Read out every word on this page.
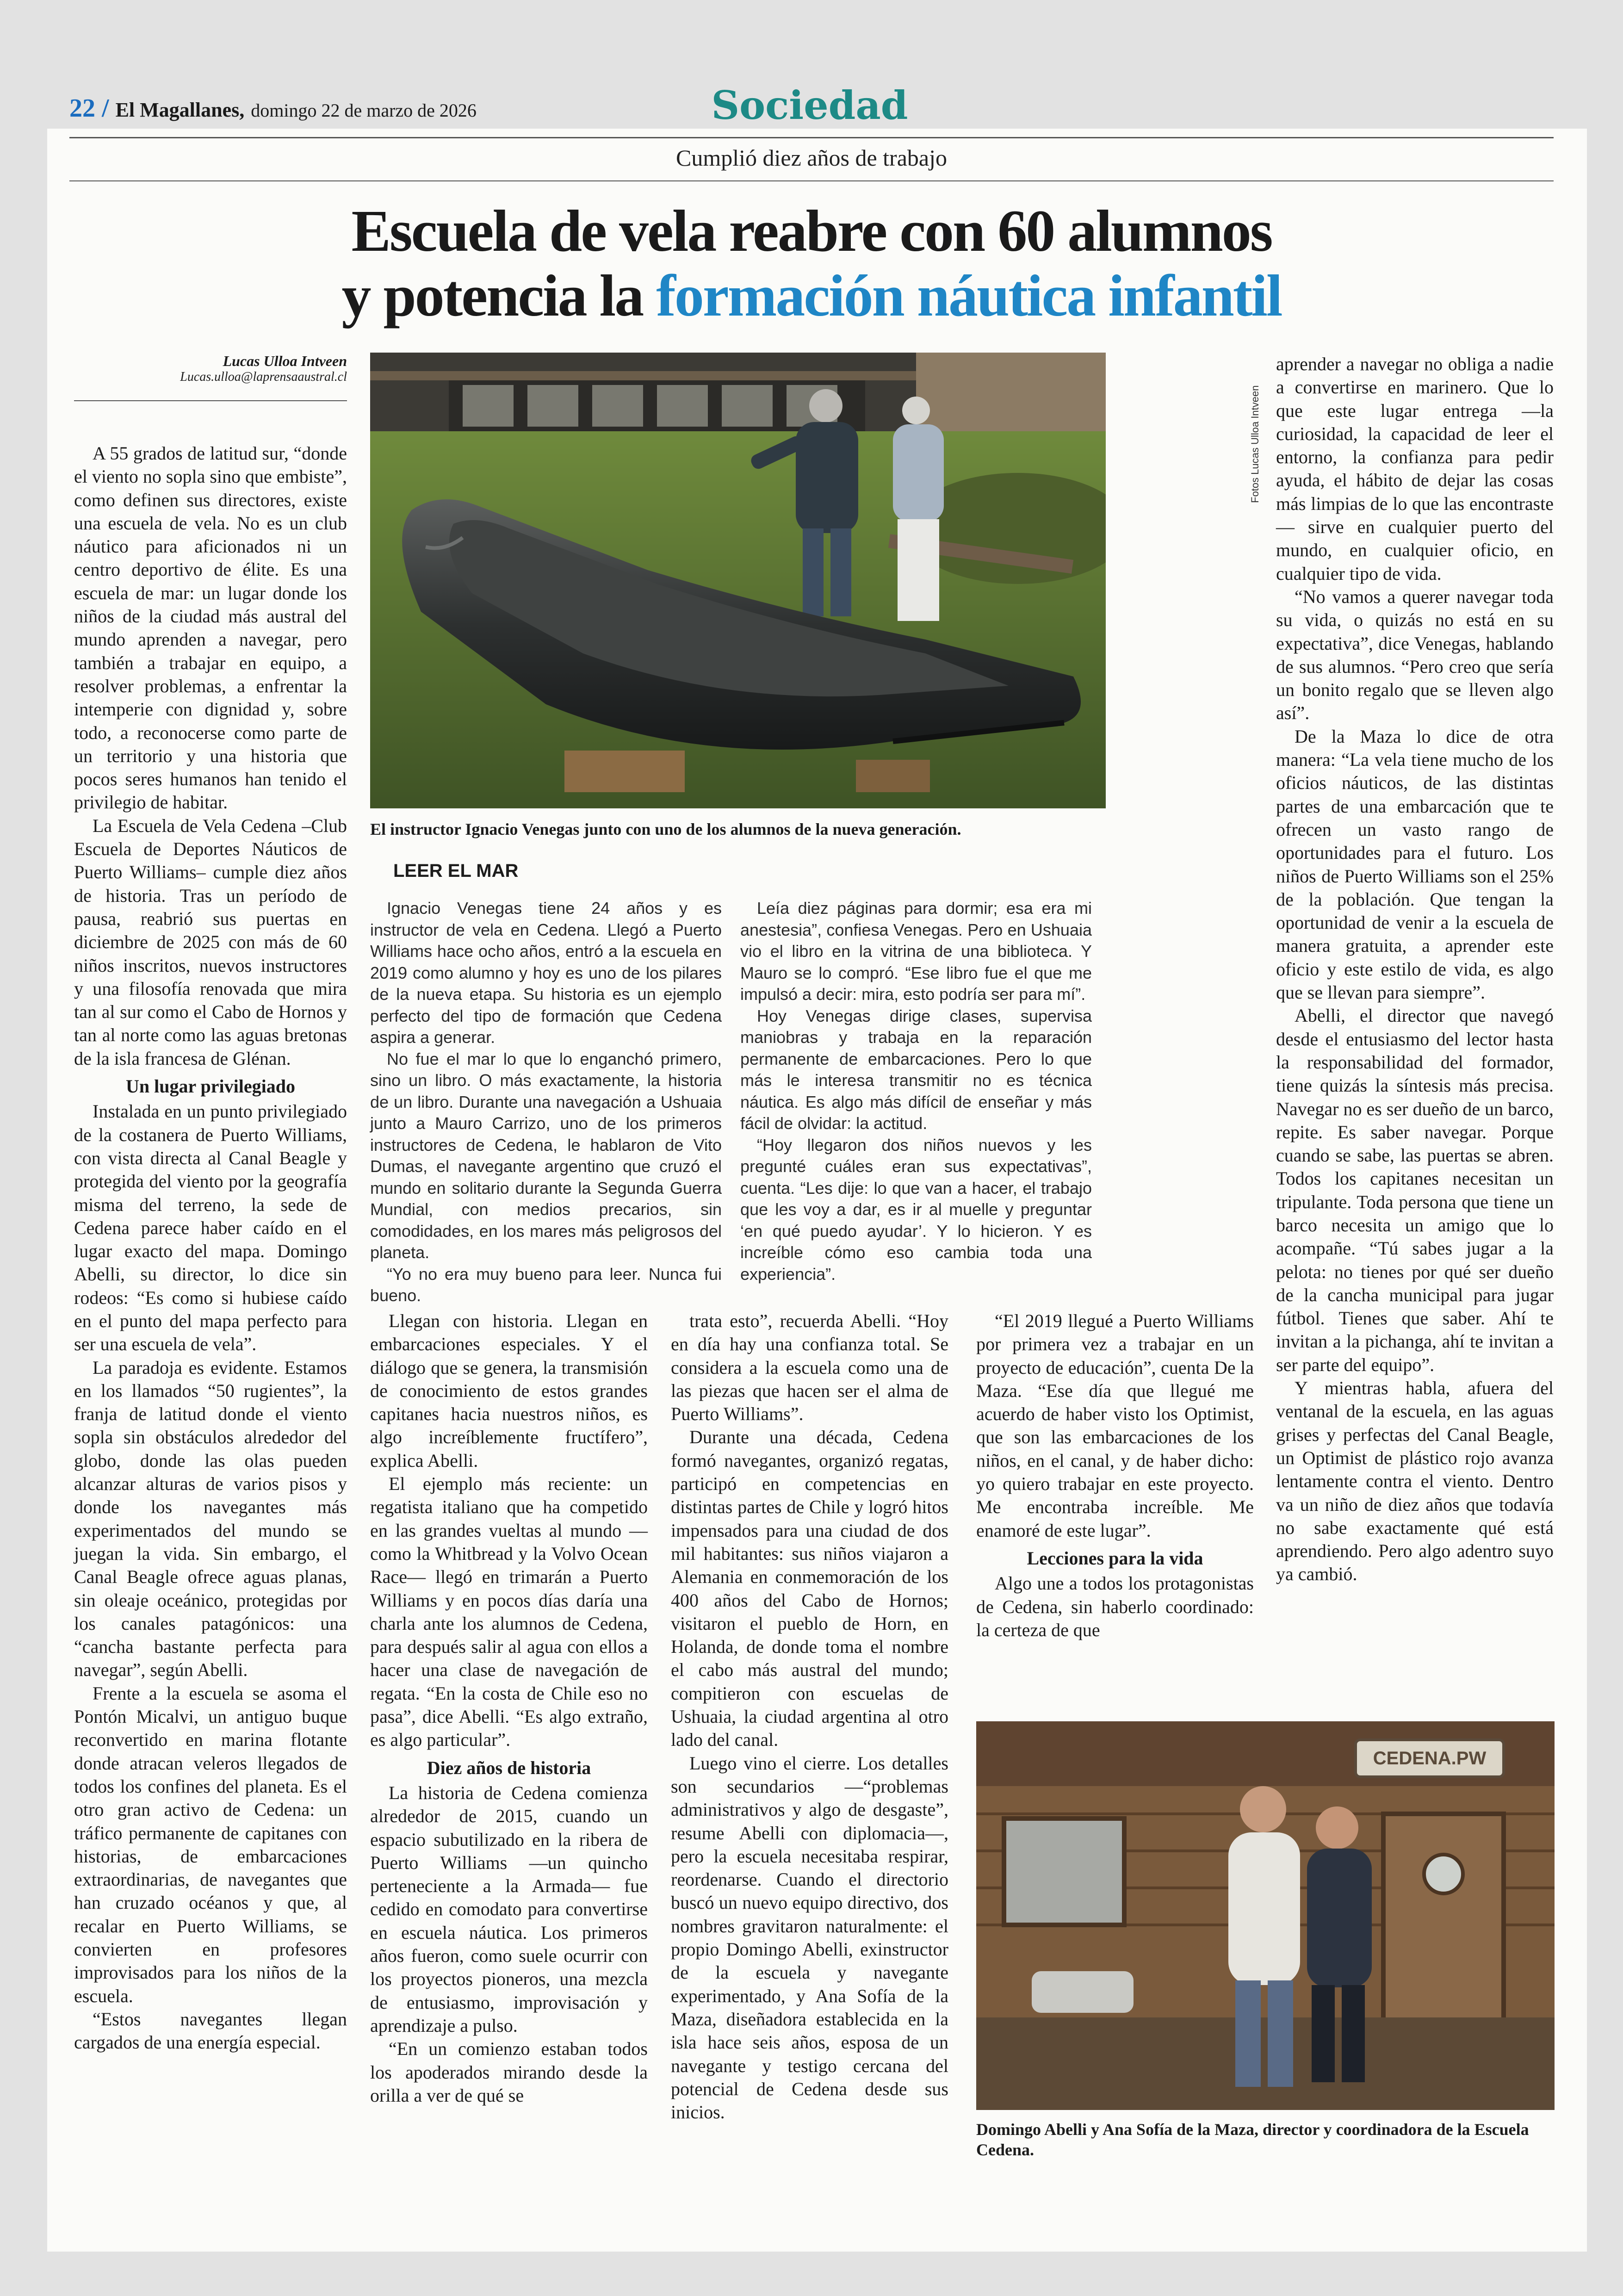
22 / El Magallanes, domingo 22 de marzo de 2026	Sociedad
Cumplió diez años de trabajo
Escuela de vela reabre con 60 alumnos
y potencia la formación náutica infantil
Lucas Ulloa Intveen
Lucas.ulloa@laprensaaustral.cl

A 55 grados de latitud sur, “donde el viento no sopla sino que embiste”, como definen sus directores, existe una escuela de vela. No es un club náutico para aficionados ni un centro deportivo de élite. Es una escuela de mar: un lugar donde los niños de la ciudad más austral del mundo aprenden a navegar, pero también a trabajar en equipo, a resolver problemas, a enfrentar la intemperie con dignidad y, sobre todo, a reconocerse como parte de un territorio y una historia que pocos seres humanos han tenido el privilegio de habitar.

La Escuela de Vela Cedena –Club Escuela de Deportes Náuticos de Puerto Williams– cumple diez años de historia. Tras un período de pausa, reabrió sus puertas en diciembre de 2025 con más de 60 niños inscritos, nuevos instructores y una filosofía renovada que mira tan al sur como el Cabo de Hornos y tan al norte como las aguas bretonas de la isla francesa de Glénan.

Un lugar privilegiado

Instalada en un punto privilegiado de la costanera de Puerto Williams, con vista directa al Canal Beagle y protegida del viento por la geografía misma del terreno, la sede de Cedena parece haber caído en el lugar exacto del mapa. Domingo Abelli, su director, lo dice sin rodeos: “Es como si hubiese caído en el punto del mapa perfecto para ser una escuela de vela”.

La paradoja es evidente. Estamos en los llamados “50 rugientes”, la franja de latitud donde el viento sopla sin obstáculos alrededor del globo, donde las olas pueden alcanzar alturas de varios pisos y donde los navegantes más experimentados del mundo se juegan la vida. Sin embargo, el Canal Beagle ofrece aguas planas, sin oleaje oceánico, protegidas por los canales patagónicos: una “cancha bastante perfecta para navegar”, según Abelli.

Frente a la escuela se asoma el Pontón Micalvi, un antiguo buque reconvertido en marina flotante donde atracan veleros llegados de todos los confines del planeta. Es el otro gran activo de Cedena: un tráfico permanente de capitanes con historias, de embarcaciones extraordinarias, de navegantes que han cruzado océanos y que, al recalar en Puerto Williams, se convierten en profesores improvisados para los niños de la escuela.

“Estos navegantes llegan cargados de una energía especial.

Fotos Lucas Ulloa Intveen
El instructor Ignacio Venegas junto con uno de los alumnos de la nueva generación.
LEER EL MAR

Ignacio Venegas tiene 24 años y es instructor de vela en Cedena. Llegó a Puerto Williams hace ocho años, entró a la escuela en 2019 como alumno y hoy es uno de los pilares de la nueva etapa. Su historia es un ejemplo perfecto del tipo de formación que Cedena aspira a generar.

No fue el mar lo que lo enganchó primero, sino un libro. O más exactamente, la historia de un libro. Durante una navegación a Ushuaia junto a Mauro Carrizo, uno de los primeros instructores de Cedena, le hablaron de Vito Dumas, el navegante argentino que cruzó el mundo en solitario durante la Segunda Guerra Mundial, con medios precarios, sin comodidades, en los mares más peligrosos del planeta.

“Yo no era muy bueno para leer. Nunca fui bueno.

Leía diez páginas para dormir; esa era mi anestesia”, confiesa Venegas. Pero en Ushuaia vio el libro en la vitrina de una biblioteca. Y Mauro se lo compró. “Ese libro fue el que me impulsó a decir: mira, esto podría ser para mí”.

Hoy Venegas dirige clases, supervisa maniobras y trabaja en la reparación permanente de embarcaciones. Pero lo que más le interesa transmitir no es técnica náutica. Es algo más difícil de enseñar y más fácil de olvidar: la actitud.

“Hoy llegaron dos niños nuevos y les pregunté cuáles eran sus expectativas”, cuenta. “Les dije: lo que van a hacer, el trabajo que les voy a dar, es ir al muelle y preguntar ‘en qué puedo ayudar’. Y lo hicieron. Y es increíble cómo eso cambia toda una experiencia”.

Llegan con historia. Llegan en embarcaciones especiales. Y el diálogo que se genera, la transmisión de conocimiento de estos grandes capitanes hacia nuestros niños, es algo increíblemente fructífero”, explica Abelli.

El ejemplo más reciente: un regatista italiano que ha competido en las grandes vueltas al mundo —como la Whitbread y la Volvo Ocean Race— llegó en trimarán a Puerto Williams y en pocos días daría una charla ante los alumnos de Cedena, para después salir al agua con ellos a hacer una clase de navegación de regata. “En la costa de Chile eso no pasa”, dice Abelli. “Es algo extraño, es algo particular”.

Diez años de historia

La historia de Cedena comienza alrededor de 2015, cuando un espacio subutilizado en la ribera de Puerto Williams —un quincho perteneciente a la Armada— fue cedido en comodato para convertirse en escuela náutica. Los primeros años fueron, como suele ocurrir con los proyectos pioneros, una mezcla de entusiasmo, improvisación y aprendizaje a pulso.

“En un comienzo estaban todos los apoderados mirando desde la orilla a ver de qué se

trata esto”, recuerda Abelli. “Hoy en día hay una confianza total. Se considera a la escuela como una de las piezas que hacen ser el alma de Puerto Williams”.

Durante una década, Cedena formó navegantes, organizó regatas, participó en competencias en distintas partes de Chile y logró hitos impensados para una ciudad de dos mil habitantes: sus niños viajaron a Alemania en conmemoración de los 400 años del Cabo de Hornos; visitaron el pueblo de Horn, en Holanda, de donde toma el nombre el cabo más austral del mundo; compitieron con escuelas de Ushuaia, la ciudad argentina al otro lado del canal.

Luego vino el cierre. Los detalles son secundarios —“problemas administrativos y algo de desgaste”, resume Abelli con diplomacia—, pero la escuela necesitaba respirar, reordenarse. Cuando el directorio buscó un nuevo equipo directivo, dos nombres gravitaron naturalmente: el propio Domingo Abelli, exinstructor de la escuela y navegante experimentado, y Ana Sofía de la Maza, diseñadora establecida en la isla hace seis años, esposa de un navegante y testigo cercana del potencial de Cedena desde sus inicios.

“El 2019 llegué a Puerto Williams por primera vez a trabajar en un proyecto de educación”, cuenta De la Maza. “Ese día que llegué me acuerdo de haber visto los Optimist, que son las embarcaciones de los niños, en el canal, y de haber dicho: yo quiero trabajar en este proyecto. Me encontraba increíble. Me enamoré de este lugar”.

Lecciones para la vida

Algo une a todos los protagonistas de Cedena, sin haberlo coordinado: la certeza de que

aprender a navegar no obliga a nadie a convertirse en marinero. Que lo que este lugar entrega —la curiosidad, la capacidad de leer el entorno, la confianza para pedir ayuda, el hábito de dejar las cosas más limpias de lo que las encontraste— sirve en cualquier puerto del mundo, en cualquier oficio, en cualquier tipo de vida.

“No vamos a querer navegar toda su vida, o quizás no está en su expectativa”, dice Venegas, hablando de sus alumnos. “Pero creo que sería un bonito regalo que se lleven algo así”.

De la Maza lo dice de otra manera: “La vela tiene mucho de los oficios náuticos, de las distintas partes de una embarcación que te ofrecen un vasto rango de oportunidades para el futuro. Los niños de Puerto Williams son el 25% de la población. Que tengan la oportunidad de venir a la escuela de manera gratuita, a aprender este oficio y este estilo de vida, es algo que se llevan para siempre”.

Abelli, el director que navegó desde el entusiasmo del lector hasta la responsabilidad del formador, tiene quizás la síntesis más precisa. Navegar no es ser dueño de un barco, repite. Es saber navegar. Porque cuando se sabe, las puertas se abren. Todos los capitanes necesitan un tripulante. Toda persona que tiene un barco necesita un amigo que lo acompañe. “Tú sabes jugar a la pelota: no tienes por qué ser dueño de la cancha municipal para jugar fútbol. Tienes que saber. Ahí te invitan a la pichanga, ahí te invitan a ser parte del equipo”.

Y mientras habla, afuera del ventanal de la escuela, en las aguas grises y perfectas del Canal Beagle, un Optimist de plástico rojo avanza lentamente contra el viento. Dentro va un niño de diez años que todavía no sabe exactamente qué está aprendiendo. Pero algo adentro suyo ya cambió.

CEDENA.PW
Domingo Abelli y Ana Sofía de la Maza, director y coordinadora de la Escuela Cedena.
